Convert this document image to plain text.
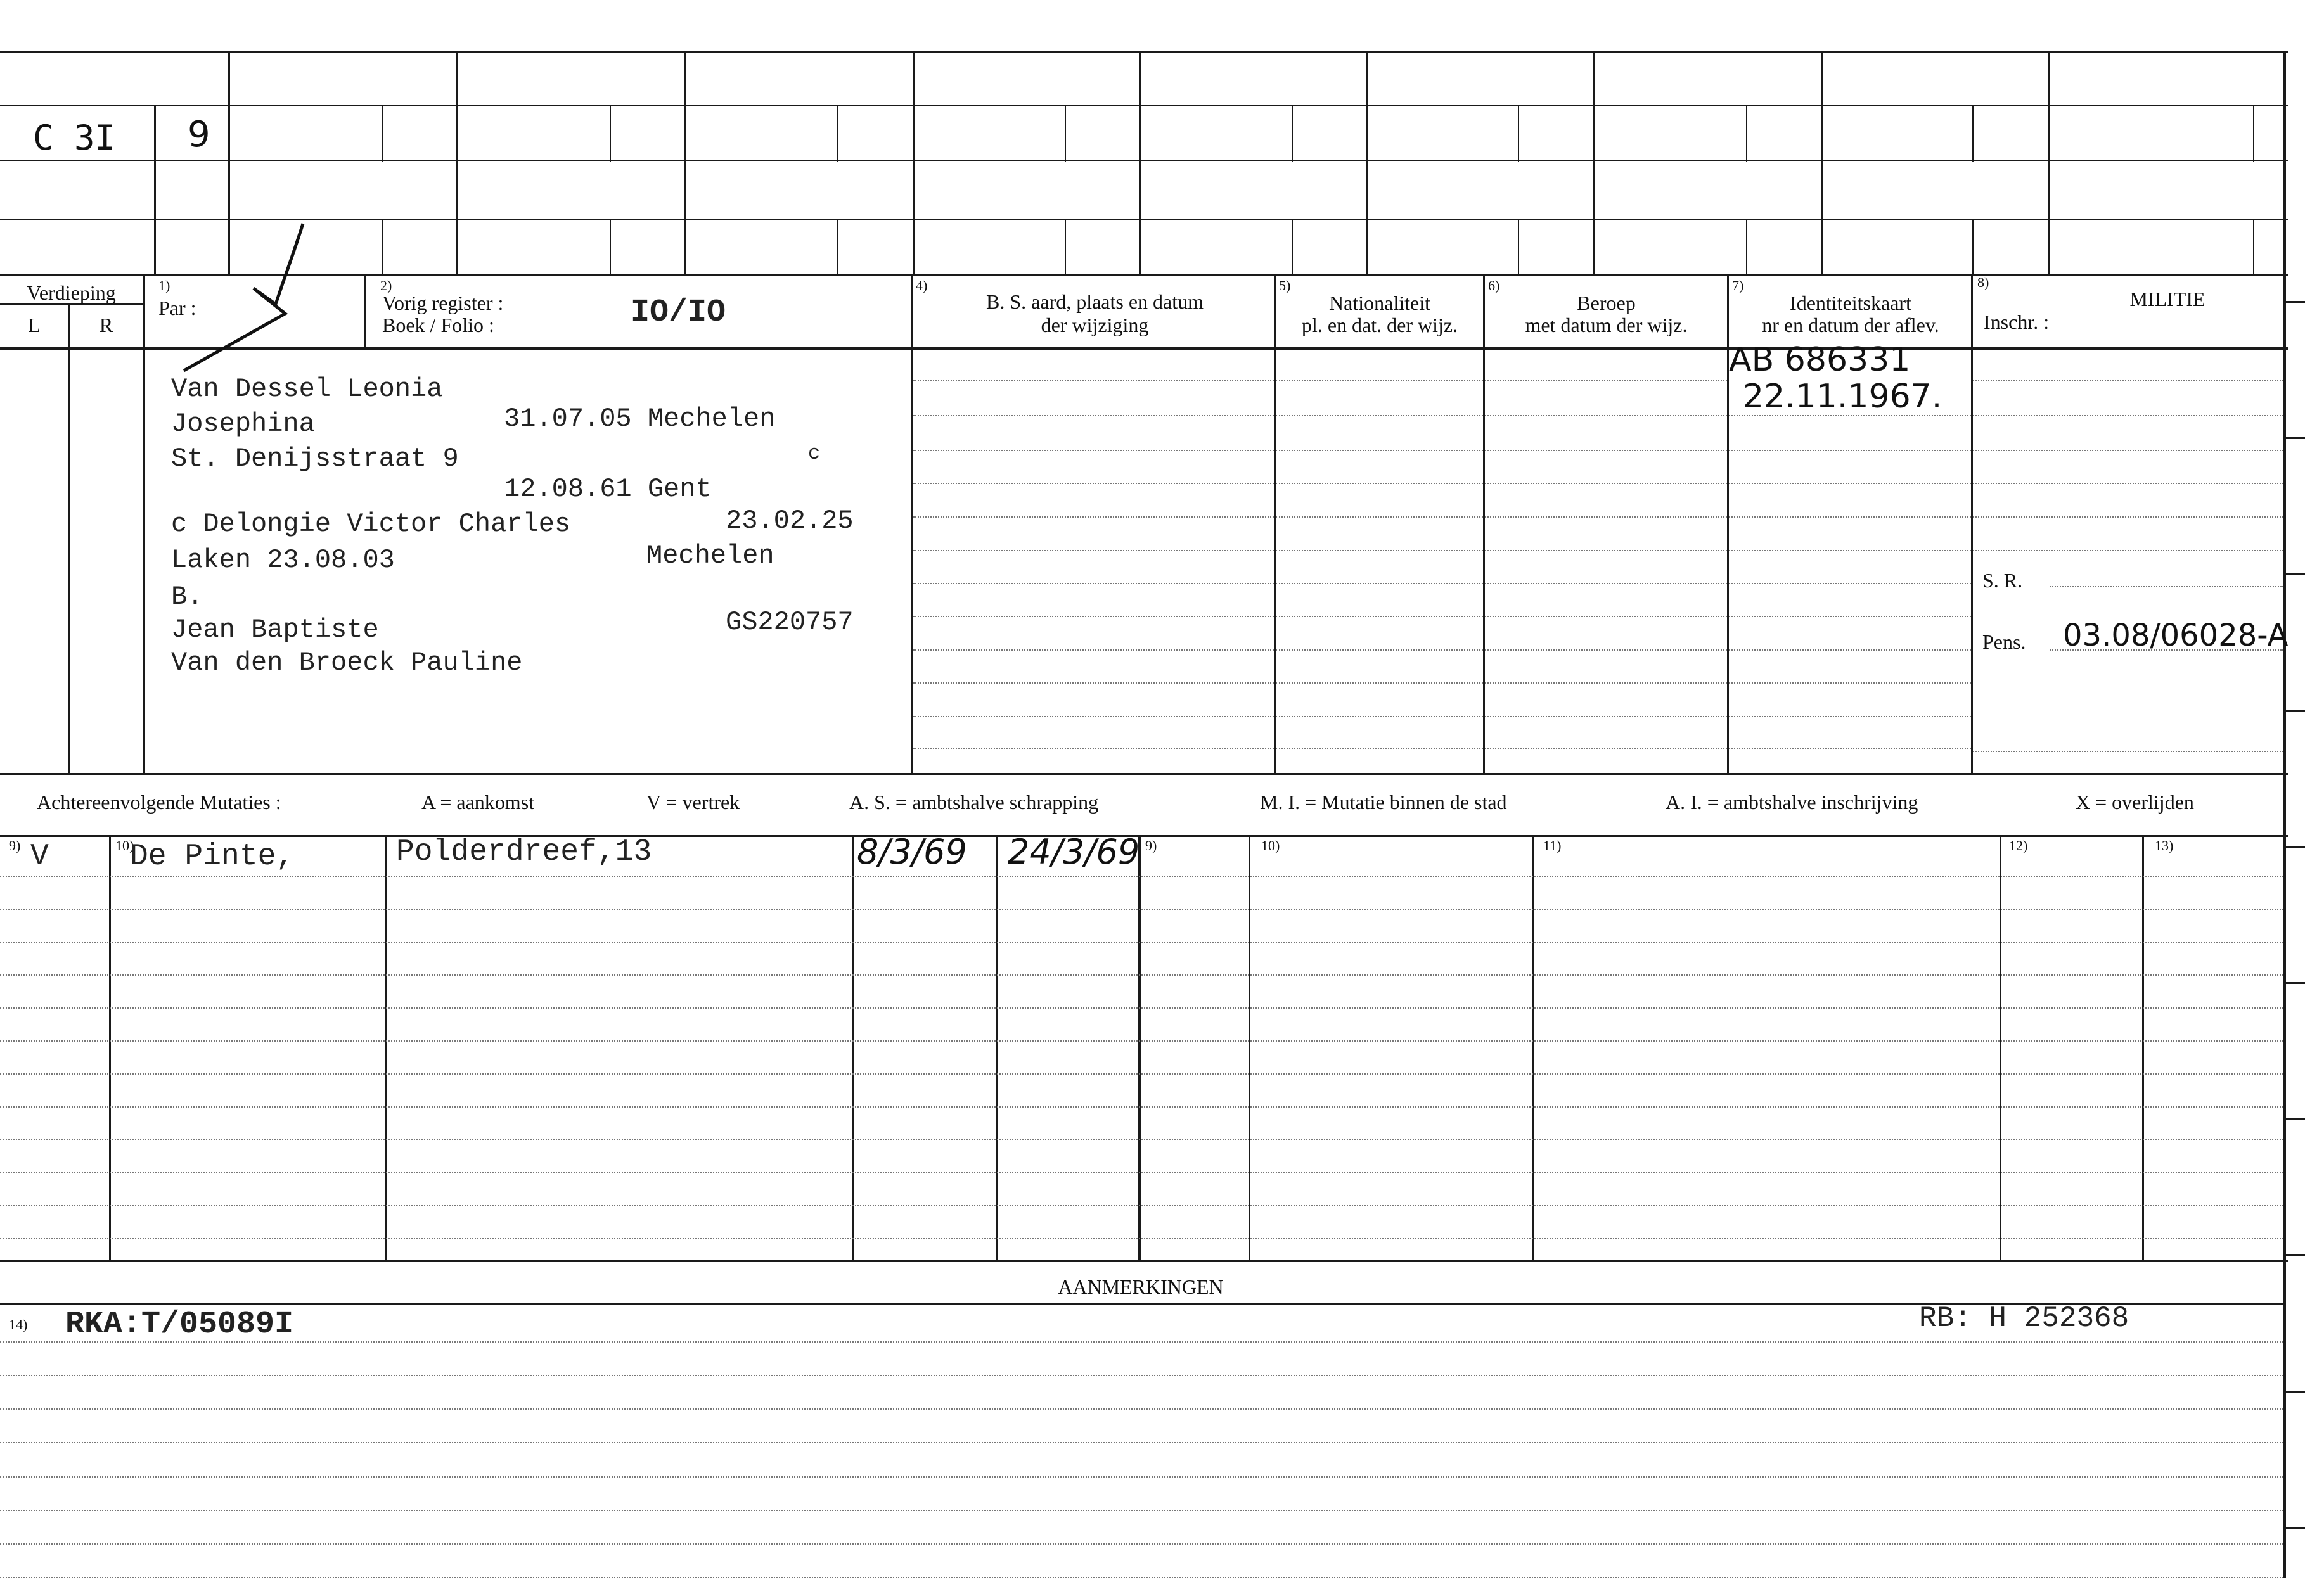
C 3I 9
Verdieping
L	R
1)
Par :
2)
Vorig register :
Boek / Folio :	IO/IO
4)
B. S. aard, plaats en datum
der wijziging
5)
Nationaliteit
pl. en dat. der wijz.
6)
Beroep
met datum der wijz.
7)
Identiteitskaart
nr en datum der aflev.
8)
MILITIE
Inschr. :
Van Dessel Leonia
Josephina	31.07.05 Mechelen
St. Denijsstraat 9	c
12.08.61 Gent
c Delongie Victor Charles	23.02.25
Laken 23.08.03	Mechelen
B.
Jean Baptiste	GS220757
Van den Broeck Pauline
AB 686331
22.11.1967.
S. R.
Pens. 03.08/06028-A
Achtereenvolgende Mutaties :	A = aankomst	V = vertrek	A. S. = ambtshalve schrapping	M. I. = Mutatie binnen de stad	A. I. = ambtshalve inschrijving	X = overlijden
9)	10)	9)	10)	11)	12)	13)
V	De Pinte,	Polderdreef,13	8/3/69 24/3/69
AANMERKINGEN
14) RKA:T/05089I	RB: H 252368
